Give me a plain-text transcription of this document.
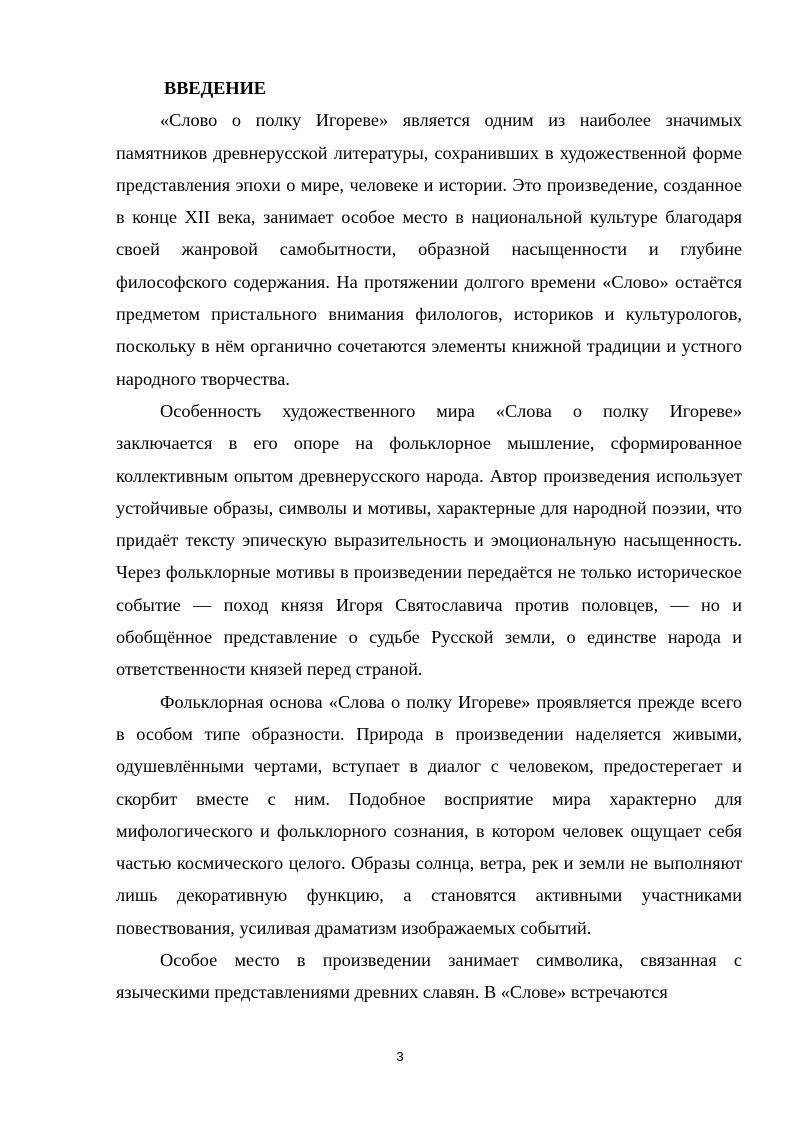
ВВЕДЕНИЕ

«Слово о полку Игореве» является одним из наиболее значимых памятников древнерусской литературы, сохранивших в художественной форме представления эпохи о мире, человеке и истории. Это произведение, созданное в конце XII века, занимает особое место в национальной культуре благодаря своей жанровой самобытности, образной насыщенности и глубине философского содержания. На протяжении долгого времени «Слово» остаётся предметом пристального внимания филологов, историков и культурологов, поскольку в нём органично сочетаются элементы книжной традиции и устного народного творчества.

Особенность художественного мира «Слова о полку Игореве» заключается в его опоре на фольклорное мышление, сформированное коллективным опытом древнерусского народа. Автор произведения использует устойчивые образы, символы и мотивы, характерные для народной поэзии, что придаёт тексту эпическую выразительность и эмоциональную насыщенность. Через фольклорные мотивы в произведении передаётся не только историческое событие — поход князя Игоря Святославича против половцев, — но и обобщённое представление о судьбе Русской земли, о единстве народа и ответственности князей перед страной.

Фольклорная основа «Слова о полку Игореве» проявляется прежде всего в особом типе образности. Природа в произведении наделяется живыми, одушевлёнными чертами, вступает в диалог с человеком, предостерегает и скорбит вместе с ним. Подобное восприятие мира характерно для мифологического и фольклорного сознания, в котором человек ощущает себя частью космического целого. Образы солнца, ветра, рек и земли не выполняют лишь декоративную функцию, а становятся активными участниками повествования, усиливая драматизм изображаемых событий.

Особое место в произведении занимает символика, связанная с языческими представлениями древних славян. В «Слове» встречаются

3
